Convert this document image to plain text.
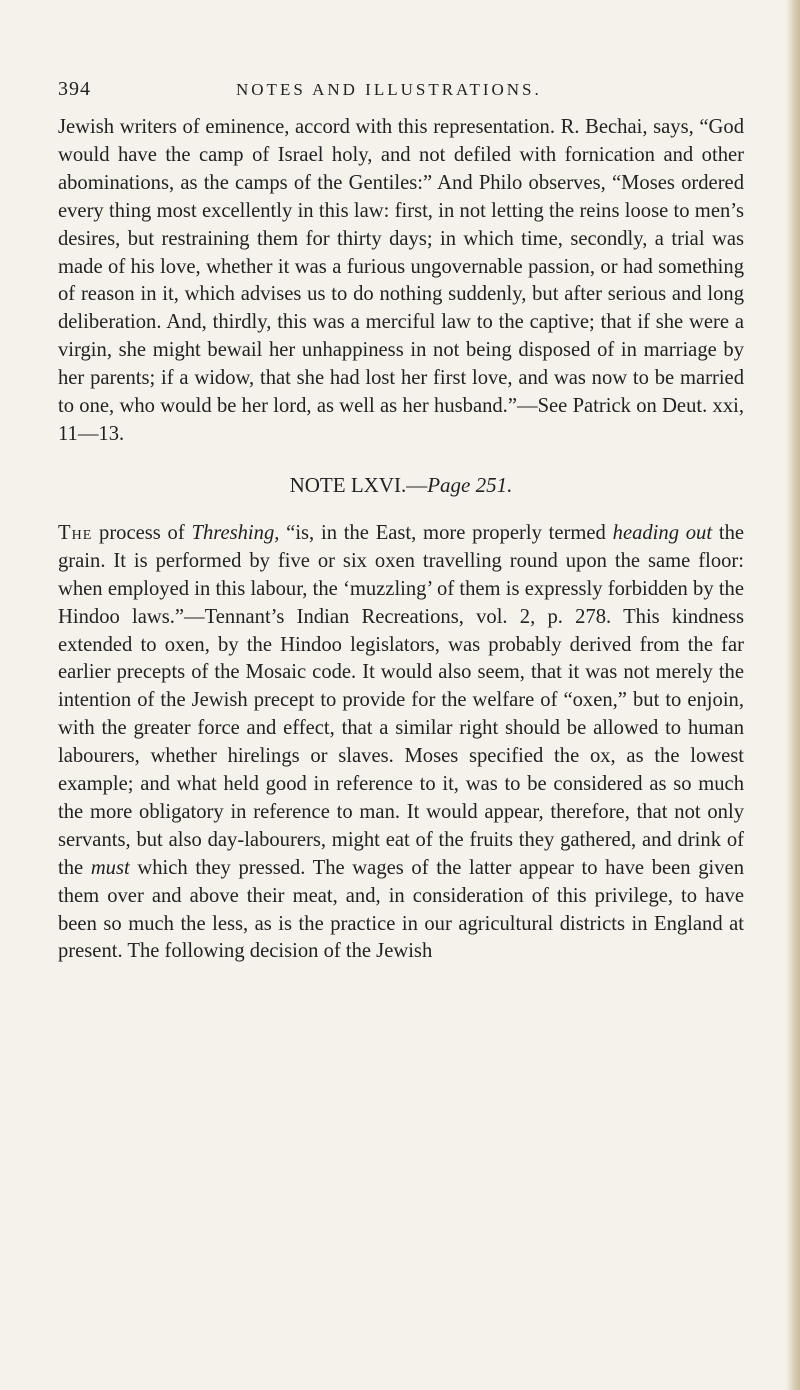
394	NOTES AND ILLUSTRATIONS.

Jewish writers of eminence, accord with this representation. R. Bechai, says, “God would have the camp of Israel holy, and not defiled with fornication and other abominations, as the camps of the Gentiles:” And Philo observes, “Moses ordered every thing most excellently in this law: first, in not letting the reins loose to men’s desires, but restraining them for thirty days; in which time, secondly, a trial was made of his love, whether it was a furious ungovernable passion, or had something of reason in it, which advises us to do nothing suddenly, but after serious and long deliberation. And, thirdly, this was a merciful law to the captive; that if she were a virgin, she might bewail her unhappiness in not being disposed of in marriage by her parents; if a widow, that she had lost her first love, and was now to be married to one, who would be her lord, as well as her husband.”—See Patrick on Deut. xxi, 11—13.

NOTE LXVI.—Page 251.

The process of Threshing, “is, in the East, more properly termed heading out the grain. It is performed by five or six oxen travelling round upon the same floor: when employed in this labour, the ‘muzzling’ of them is expressly forbidden by the Hindoo laws.”—Tennant’s Indian Recreations, vol. 2, p. 278. This kindness extended to oxen, by the Hindoo legislators, was probably derived from the far earlier precepts of the Mosaic code. It would also seem, that it was not merely the intention of the Jewish precept to provide for the welfare of “oxen,” but to enjoin, with the greater force and effect, that a similar right should be allowed to human labourers, whether hirelings or slaves. Moses specified the ox, as the lowest example; and what held good in reference to it, was to be considered as so much the more obligatory in reference to man. It would appear, therefore, that not only servants, but also day-labourers, might eat of the fruits they gathered, and drink of the must which they pressed. The wages of the latter appear to have been given them over and above their meat, and, in consideration of this privilege, to have been so much the less, as is the practice in our agricultural districts in England at present. The following decision of the Jewish
